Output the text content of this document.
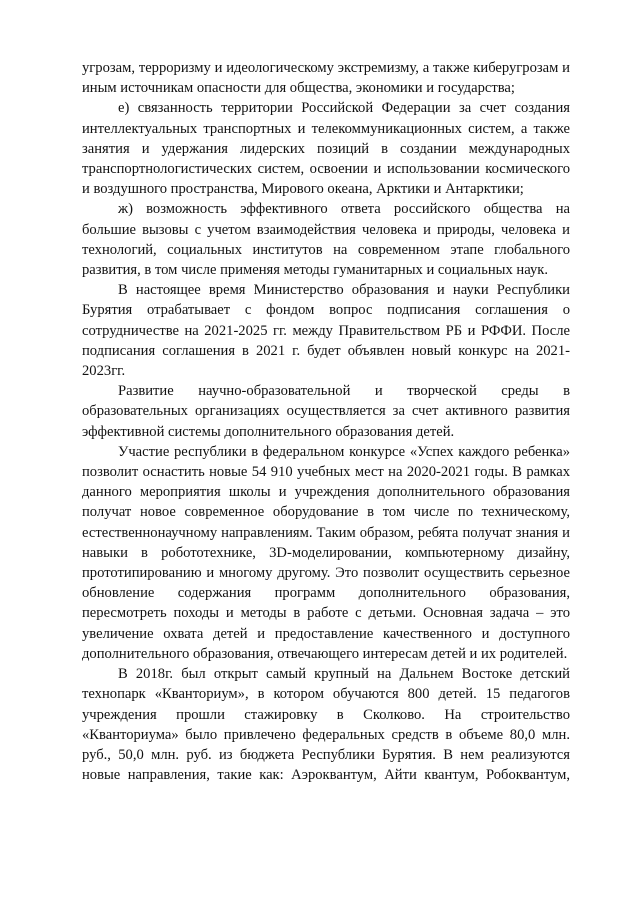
угрозам, терроризму и идеологическому экстремизму, а также киберугрозам и иным источникам опасности для общества, экономики и государства;

е) связанность территории Российской Федерации за счет создания интеллектуальных транспортных и телекоммуникационных систем, а также занятия и удержания лидерских позиций в создании международных транспортнологистических систем, освоении и использовании космического и воздушного пространства, Мирового океана, Арктики и Антарктики;

ж) возможность эффективного ответа российского общества на большие вызовы с учетом взаимодействия человека и природы, человека и технологий, социальных институтов на современном этапе глобального развития, в том числе применяя методы гуманитарных и социальных наук.

В настоящее время Министерство образования и науки Республики Бурятия отрабатывает с фондом вопрос подписания соглашения о сотрудничестве на 2021-2025 гг. между Правительством РБ и РФФИ. После подписания соглашения в 2021 г. будет объявлен новый конкурс на 2021-2023гг.

Развитие научно-образовательной и творческой среды в образовательных организациях осуществляется за счет активного развития эффективной системы дополнительного образования детей.

Участие республики в федеральном конкурсе «Успех каждого ребенка» позволит оснастить новые 54 910 учебных мест на 2020-2021 годы. В рамках данного мероприятия школы и учреждения дополнительного образования получат новое современное оборудование в том числе по техническому, естественнонаучному направлениям. Таким образом, ребята получат знания и навыки в робототехнике, 3D-моделировании, компьютерному дизайну, прототипированию и многому другому. Это позволит осуществить серьезное обновление содержания программ дополнительного образования, пересмотреть походы и методы в работе с детьми. Основная задача – это увеличение охвата детей и предоставление качественного и доступного дополнительного образования, отвечающего интересам детей и их родителей.

В 2018г. был открыт самый крупный на Дальнем Востоке детский технопарк «Кванториум», в котором обучаются 800 детей. 15 педагогов учреждения прошли стажировку в Сколково. На строительство «Кванториума» было привлечено федеральных средств в объеме 80,0 млн. руб., 50,0 млн. руб. из бюджета Республики Бурятия. В нем реализуются новые направления, такие как: Аэроквантум, Айти квантум, Робоквантум,
